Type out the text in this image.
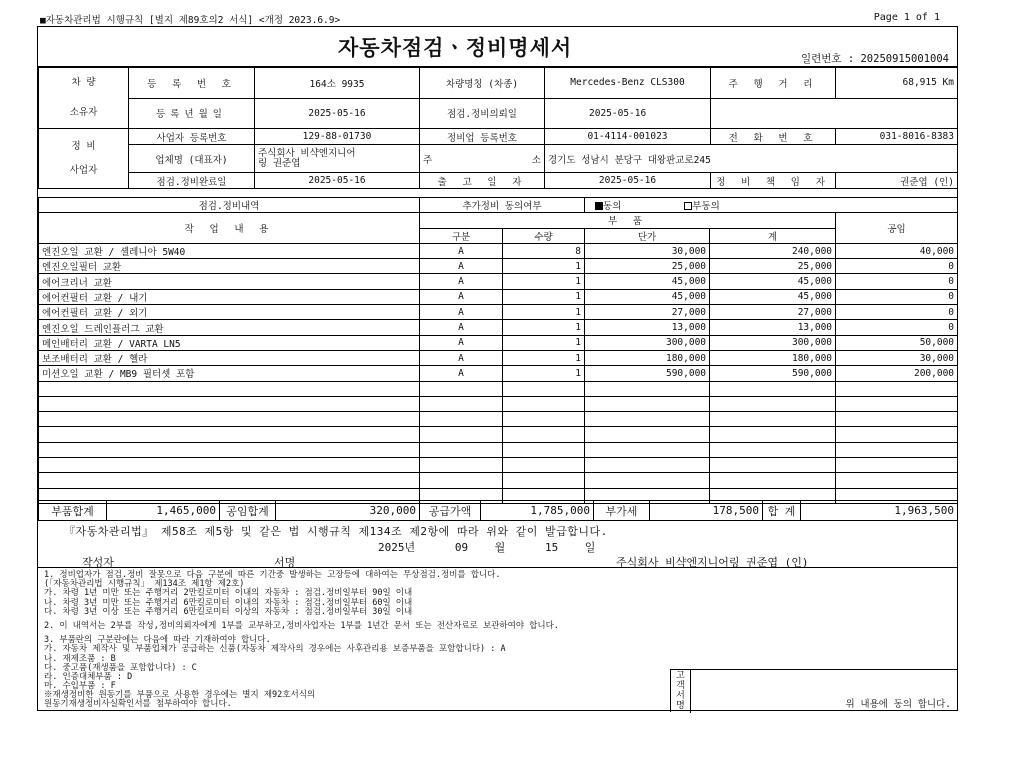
■자동차관리법 시행규칙 [별지 제89호의2 서식] <개정 2023.6.9>	Page 1 of 1
자동차점검ㆍ정비명세서	일련번호 : 20250915001004
차 량
소유자	등 록 번 호	164소 9935	차량명칭 (차종)	Mercedes-Benz CLS300	주 행 거 리	68,915 Km
	등록년월일	2025-05-16	점검.정비의뢰일	2025-05-16		
정 비
사업자	사업자 등록번호	129-88-01730	정비업 등록번호	01-4114-001023	전 화 번 호	031-8016-8383
	업체명 (대표자)	주식회사 비샥엔지니어
링 권준엽	주 소	경기도 성남시 분당구 대왕판교로245		
	점검.정비완료일	2025-05-16	출 고 일 자	2025-05-16	정 비 책 임 자	권준엽 (인)
점검.정비내역	추가정비 동의여부		동의 부동의		
작 업 내 용	부 품				공임
	구분	수량	단가	계	
엔진오일 교환 / 셸레니아 5W40	A	8	30,000	240,000	40,000
엔진오일필터 교환	A	1	25,000	25,000	0
에어크리너 교환	A	1	45,000	45,000	0
에어컨필터 교환 / 내기	A	1	45,000	45,000	0
에어컨필터 교환 / 외기	A	1	27,000	27,000	0
엔진오일 드레인플러그 교환	A	1	13,000	13,000	0
메인배터리 교환 / VARTA LN5	A	1	300,000	300,000	50,000
보조배터리 교환 / 헬라	A	1	180,000	180,000	30,000
미션오일 교환 / MB9 필터셋 포함	A	1	590,000	590,000	200,000

부품합계	1,465,000	공임합계	320,000	공급가액	1,785,000	부가세	178,500	합 계	1,963,500
『자동차관리법』 제58조 제5항 및 같은 법 시행규칙 제134조 제2항에 따라 위와 같이 발급합니다.
2025년	09 월	15 일
작성자	서명	주식회사 비샥엔지니어링 권준엽 (인)
1. 정비업자가 점검.정비 잘못으로 다음 구분에 따른 기간중 발생하는 고장등에 대하여는 무상점검.정비를 합니다.
(「자동차관리법 시행규칙」 제134조 제1항 제2호)
가. 차령 1년 미만 또는 주행거리 2만킬로미터 이내의 자동차 : 점검.정비일부터 90일 이내
나. 차령 3년 미만 또는 주행거리 6만킬로미터 이내의 자동차 : 점검.정비일부터 60일 이내
다. 차령 3년 이상 또는 주행거리 6만킬로미터 이상의 자동차 : 점검.정비일부터 30일 이내
2. 이 내역서는 2부를 작성,정비의뢰자에게 1부를 교부하고,정비사업자는 1부를 1년간 문서 또는 전산자료로 보관하여야 합니다.
3. 부품란의 구분란에는 다음에 따라 기재하여야 합니다.
가. 자동차 제작사 및 부품업체가 공급하는 신품(자동차 제작사의 경우에는 사후관리용 보증부품을 포함합니다) : A
나. 재제조품 : B
다. 중고품(재생품을 포함합니다) : C
라. 인증대체부품 : D
마. 수입부품 : F
※재생정비한 원동기를 부품으로 사용한 경우에는 별지 제92호서식의
원동기재생정비사실확인서를 첨부하여야 합니다.
고
객
서
명	위 내용에 동의 합니다.
